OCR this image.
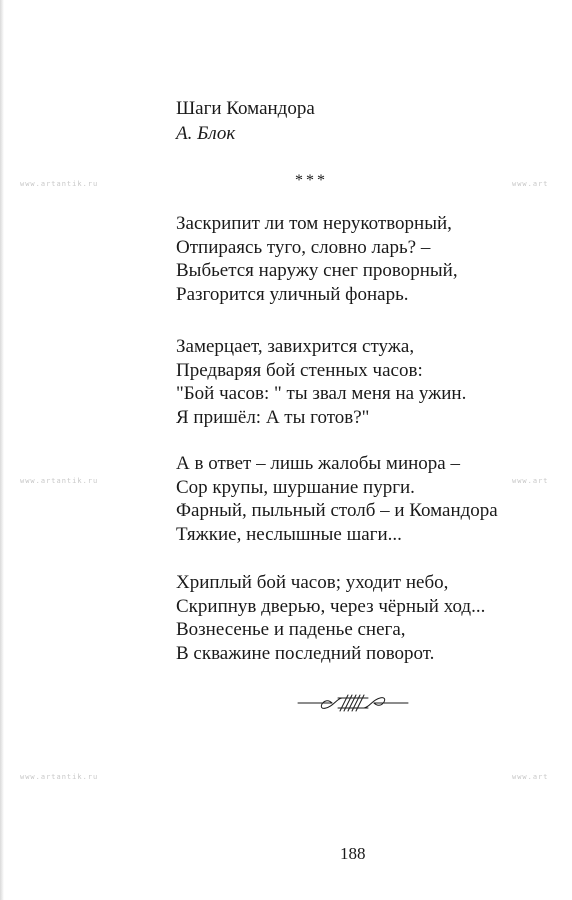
www.artantik.ru	www.art
www.artantik.ru	www.art
www.artantik.ru	www.art
Шаги Командора
А. Блок
***
Заскрипит ли том нерукотворный,
Отпираясь туго, словно ларь? –
Выбьется наружу снег проворный,
Разгорится уличный фонарь.
Замерцает, завихрится стужа,
Предваряя бой стенных часов:
"Бой часов: " ты звал меня на ужин.
Я пришёл: А ты готов?"
А в ответ – лишь жалобы минора –
Сор крупы, шуршание пурги.
Фарный, пыльный столб – и Командора
Тяжкие, неслышные шаги...
Хриплый бой часов; уходит небо,
Скрипнув дверью, через чёрный ход...
Вознесенье и паденье снега,
В скважине последний поворот.
188
